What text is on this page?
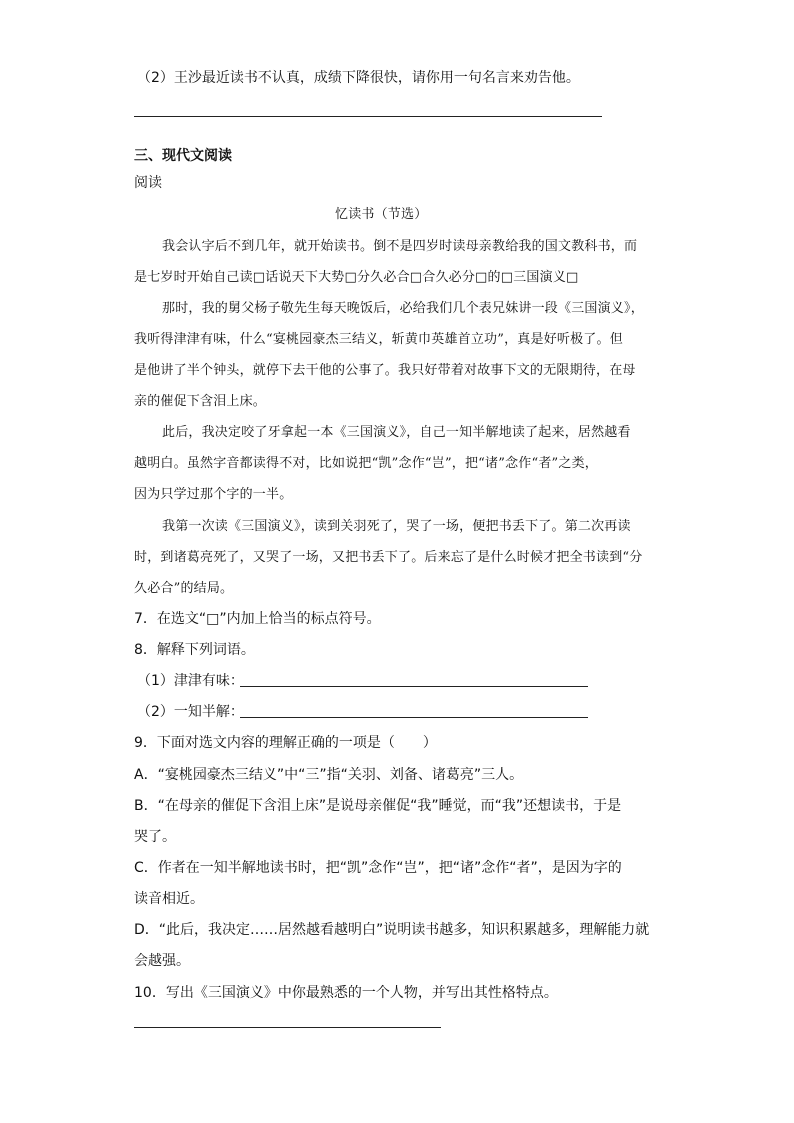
（2）王沙最近读书不认真，成绩下降很快，请你用一句名言来劝告他。
三、现代文阅读
阅读
忆读书（节选）
我会认字后不到几年，就开始读书。倒不是四岁时读母亲教给我的国文教科书，而
是七岁时开始自己读□话说天下大势□分久必合□合久必分□的□三国演义□
那时，我的舅父杨子敬先生每天晚饭后，必给我们几个表兄妹讲一段《三国演义》，
我听得津津有味，什么“宴桃园豪杰三结义，斩黄巾英雄首立功”，真是好听极了。但
是他讲了半个钟头，就停下去干他的公事了。我只好带着对故事下文的无限期待，在母
亲的催促下含泪上床。
此后，我决定咬了牙拿起一本《三国演义》，自己一知半解地读了起来，居然越看
越明白。虽然字音都读得不对，比如说把“凯”念作“岂”，把“诸”念作“者”之类，
因为只学过那个字的一半。
我第一次读《三国演义》，读到关羽死了，哭了一场，便把书丢下了。第二次再读
时，到诸葛亮死了，又哭了一场，又把书丢下了。后来忘了是什么时候才把全书读到“分
久必合”的结局。
7．在选文“□”内加上恰当的标点符号。
8．解释下列词语。
（1）津津有味：
（2）一知半解：
9．下面对选文内容的理解正确的一项是（　　）
A．“宴桃园豪杰三结义”中“三”指“关羽、刘备、诸葛亮”三人。
B．“在母亲的催促下含泪上床”是说母亲催促“我”睡觉，而“我”还想读书，于是
哭了。
C．作者在一知半解地读书时，把“凯”念作“岂”，把“诸”念作“者”，是因为字的
读音相近。
D．“此后，我决定……居然越看越明白”说明读书越多，知识积累越多，理解能力就
会越强。
10．写出《三国演义》中你最熟悉的一个人物，并写出其性格特点。
